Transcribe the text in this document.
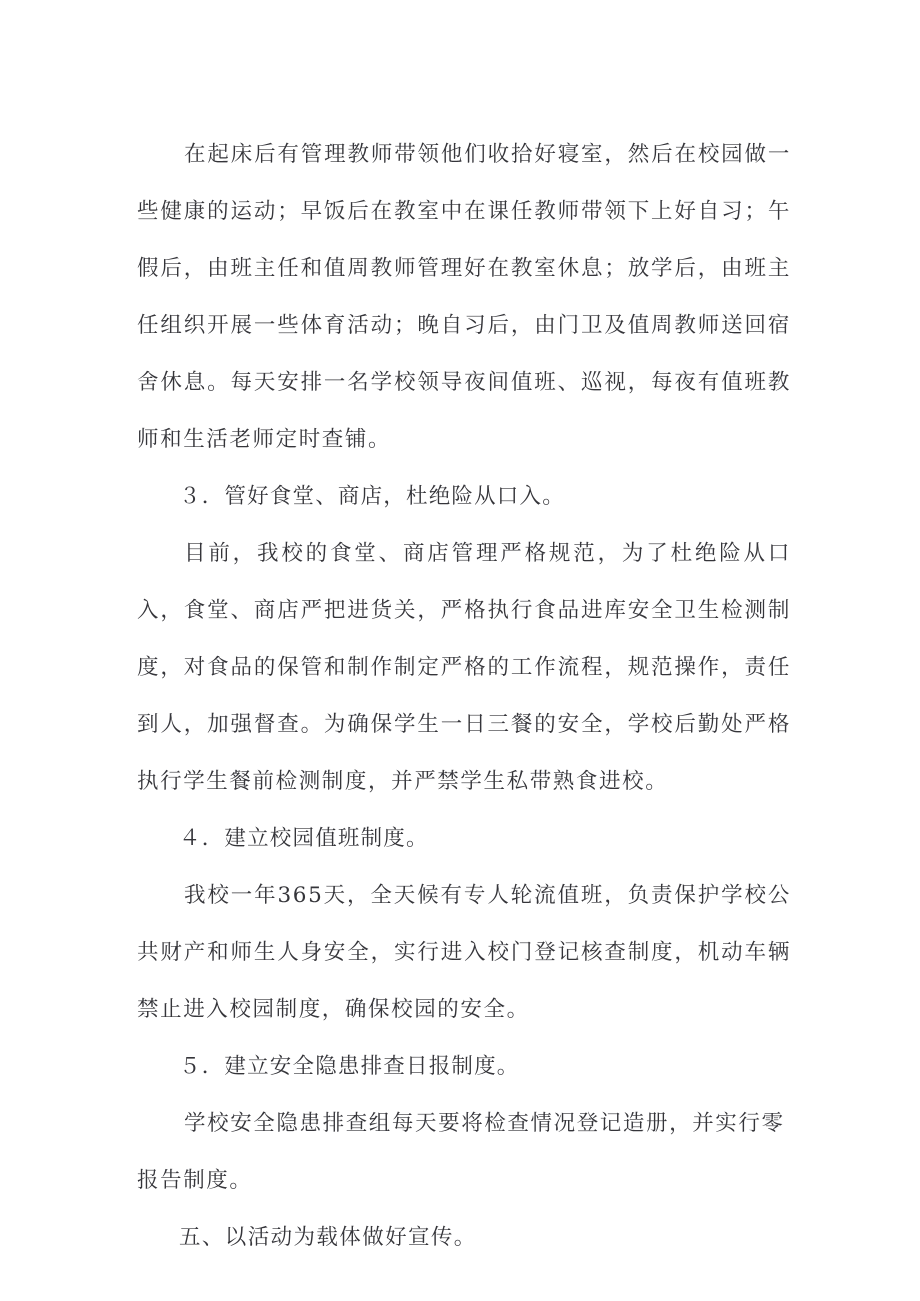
在起床后有管理教师带领他们收拾好寝室，然后在校园做一些健康的运动；早饭后在教室中在课任教师带领下上好自习；午假后，由班主任和值周教师管理好在教室休息；放学后，由班主任组织开展一些体育活动；晚自习后，由门卫及值周教师送回宿舍休息。每天安排一名学校领导夜间值班、巡视，每夜有值班教师和生活老师定时查铺。

３．管好食堂、商店，杜绝险从口入。

目前，我校的食堂、商店管理严格规范，为了杜绝险从口入，食堂、商店严把进货关，严格执行食品进库安全卫生检测制度，对食品的保管和制作制定严格的工作流程，规范操作，责任到人，加强督查。为确保学生一日三餐的安全，学校后勤处严格执行学生餐前检测制度，并严禁学生私带熟食进校。

４．建立校园值班制度。

我校一年365天，全天候有专人轮流值班，负责保护学校公共财产和师生人身安全，实行进入校门登记核查制度，机动车辆禁止进入校园制度，确保校园的安全。

５．建立安全隐患排查日报制度。

学校安全隐患排查组每天要将检查情况登记造册，并实行零报告制度。

五、以活动为载体做好宣传。
